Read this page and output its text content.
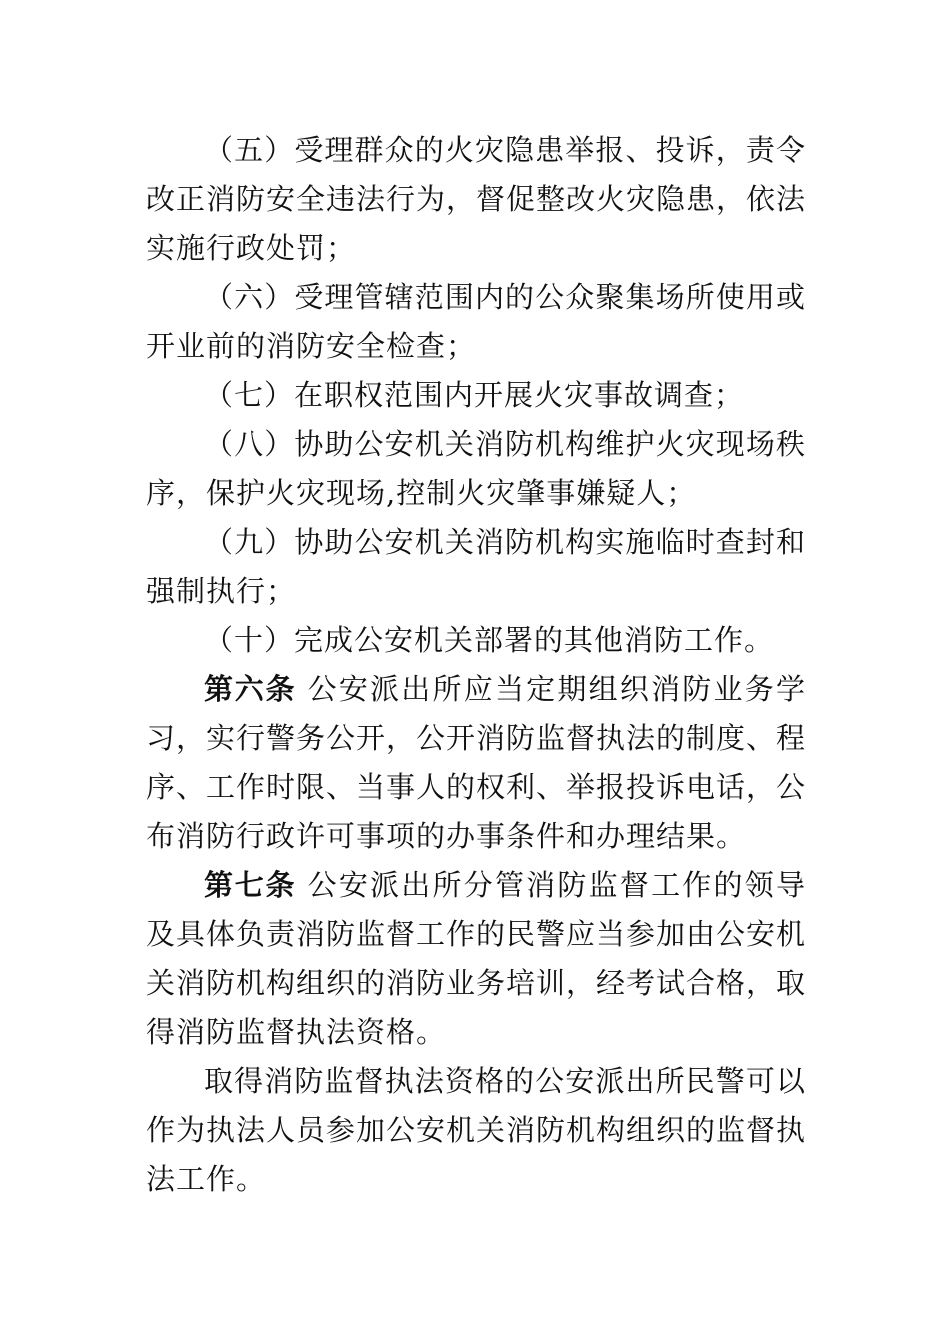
（五）受理群众的火灾隐患举报、投诉，责令改正消防安全违法行为，督促整改火灾隐患，依法实施行政处罚；

（六）受理管辖范围内的公众聚集场所使用或开业前的消防安全检查；

（七）在职权范围内开展火灾事故调查；

（八）协助公安机关消防机构维护火灾现场秩序，保护火灾现场,控制火灾肇事嫌疑人；

（九）协助公安机关消防机构实施临时查封和强制执行；

（十）完成公安机关部署的其他消防工作。

第六条 公安派出所应当定期组织消防业务学习，实行警务公开，公开消防监督执法的制度、程序、工作时限、当事人的权利、举报投诉电话，公布消防行政许可事项的办事条件和办理结果。

第七条 公安派出所分管消防监督工作的领导及具体负责消防监督工作的民警应当参加由公安机关消防机构组织的消防业务培训，经考试合格，取得消防监督执法资格。

取得消防监督执法资格的公安派出所民警可以作为执法人员参加公安机关消防机构组织的监督执法工作。
